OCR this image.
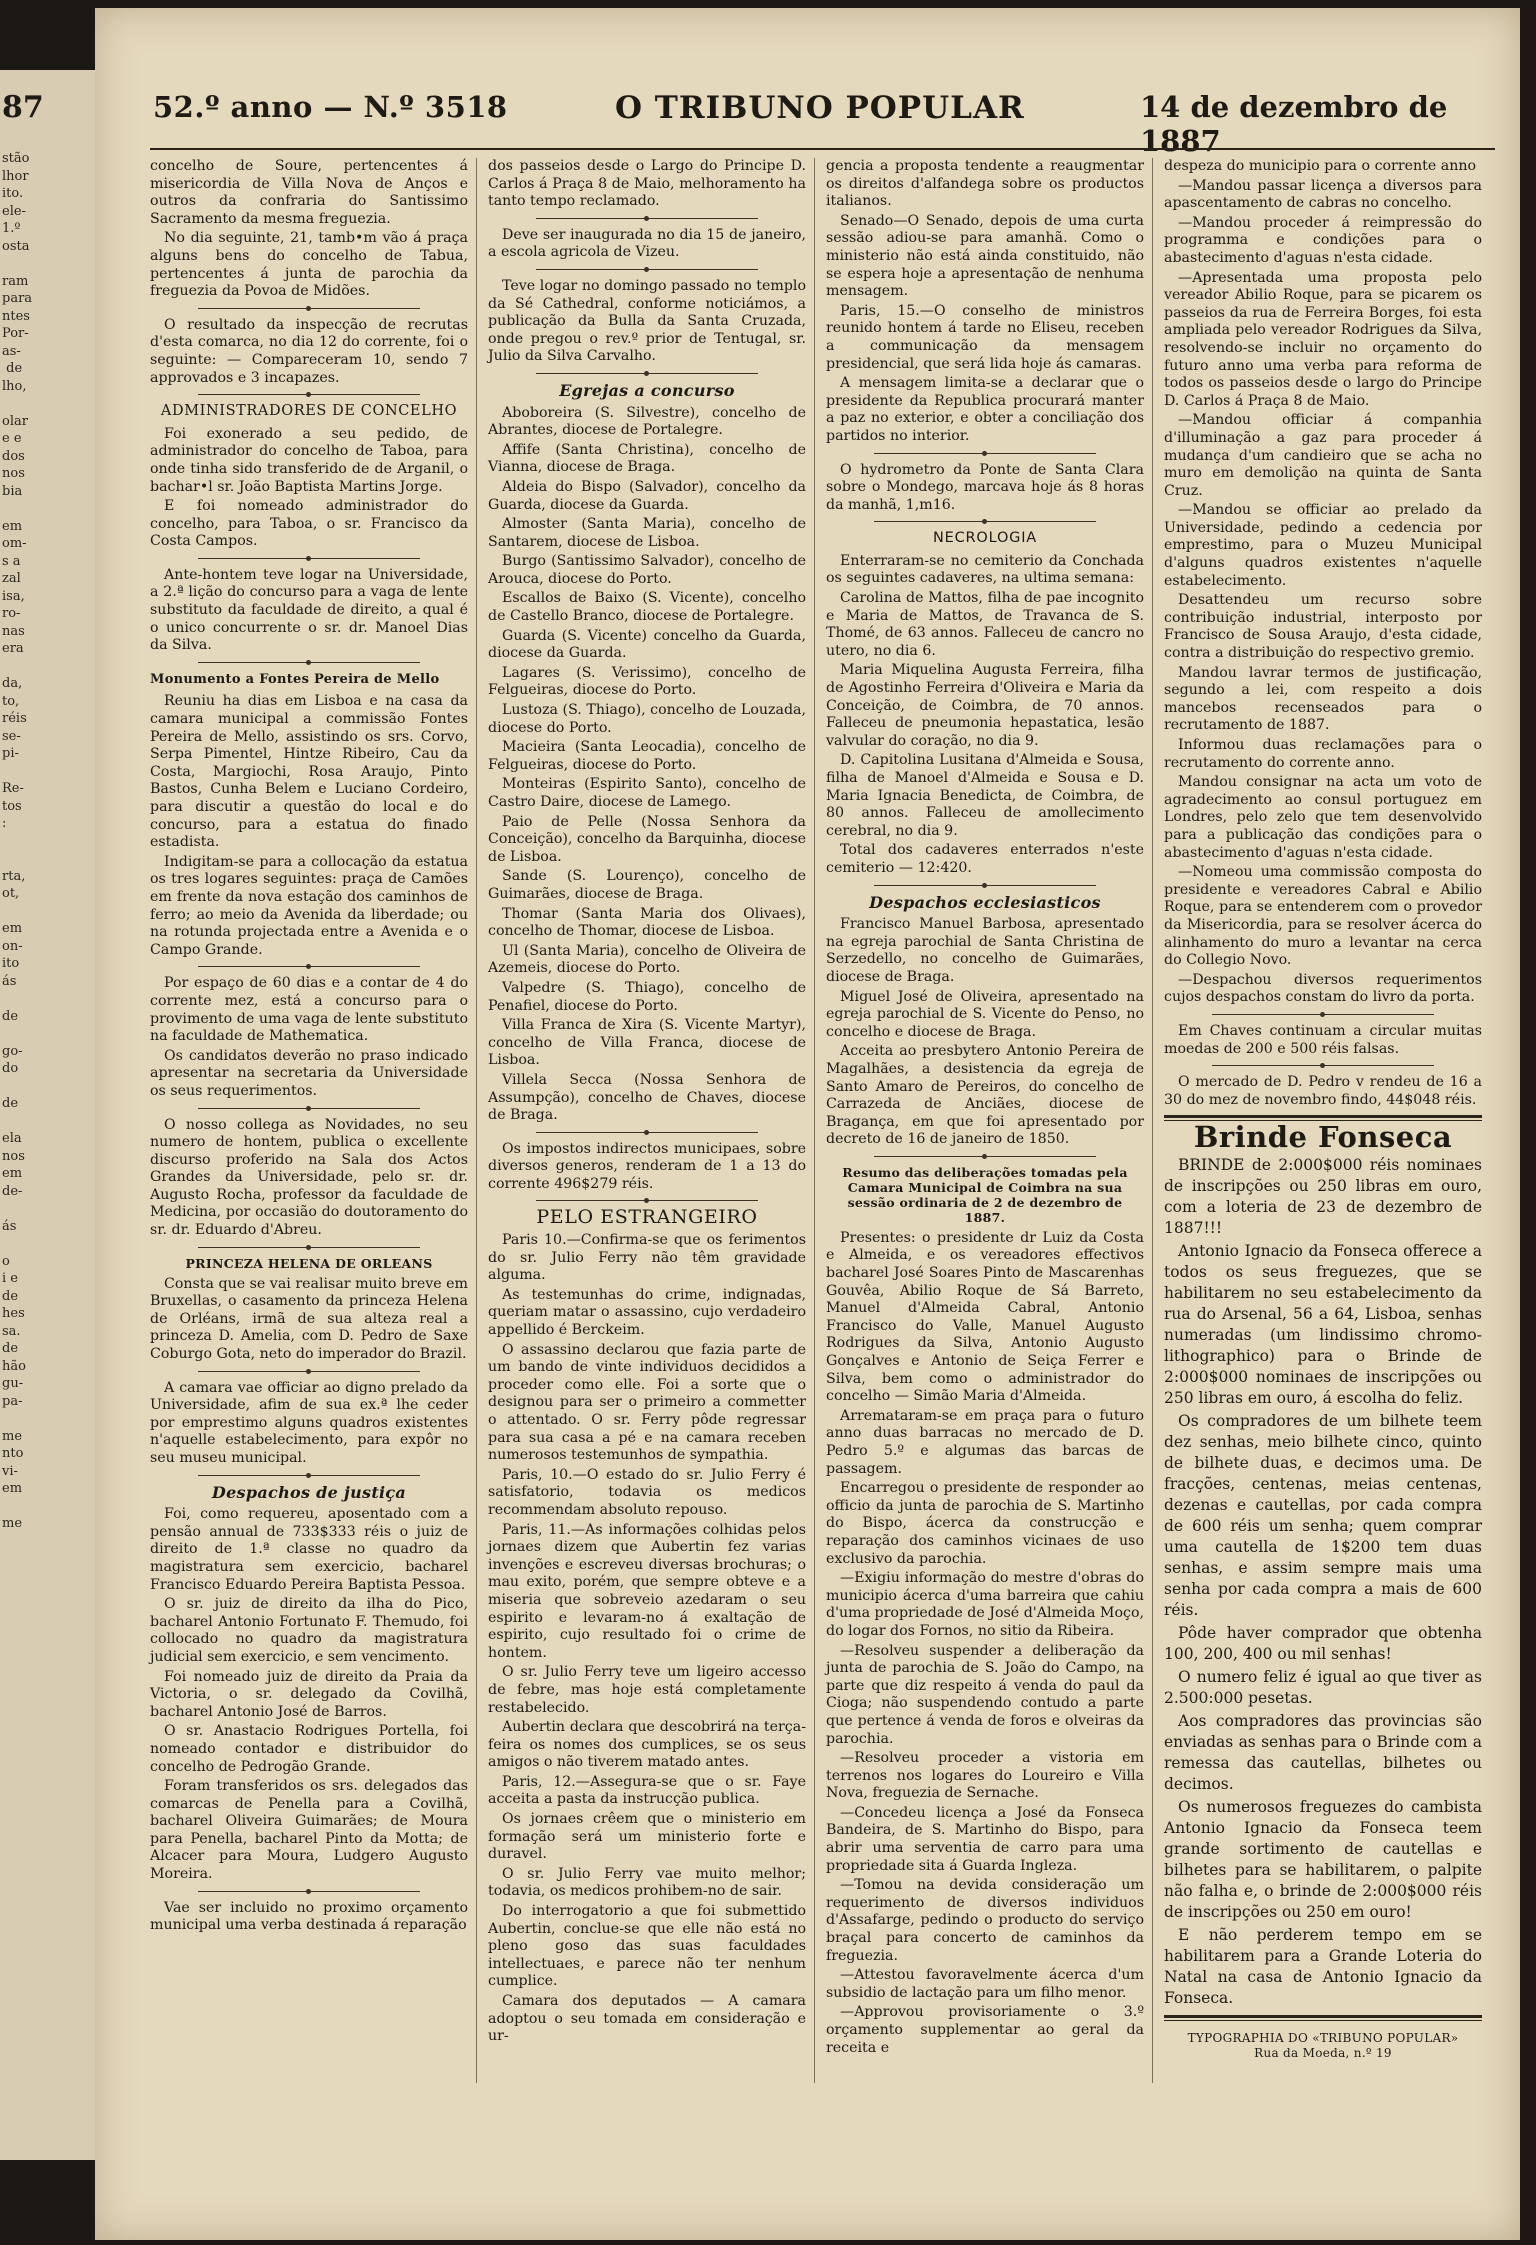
87
stão
lhor
ito.
ele-
1.º
osta

ram
para
ntes
Por-
as-
de
lho,

olar
e e
dos
nos
bia

em
om-
s a
zal
isa,
ro-
nas
era

da,
to,
réis
se-
pi-

Re-
tos
:

rta,
ot,

em
on-
ito
ás

de

go-
do

de

ela
nos
em
de-

ás

o
і e
de
hes
sa.
de
hão
gu-
pa-

me
nto
vi-
em

me
52.º anno — N.º 3518	O TRIBUNO POPULAR	14 de dezembro de 1887

concelho de Soure, pertencentes á misericordia de Villa Nova de Anços e outros da confraria do Santissimo Sacramento da mesma freguezia.

No dia seguinte, 21, tamb•m vão á praça alguns bens do concelho de Tabua, pertencentes á junta de parochia da freguezia da Povoa de Midões.

O resultado da inspecção de recrutas d'esta comarca, no dia 12 do corrente, foi o seguinte: — Compareceram 10, sendo 7 approvados e 3 incapazes.

ADMINISTRADORES DE CONCELHO

Foi exonerado a seu pedido, de administrador do concelho de Taboa, para onde tinha sido transferido de de Arganil, o bachar•l sr. João Baptista Martins Jorge.

E foi nomeado administrador do concelho, para Taboa, o sr. Francisco da Costa Campos.

Ante-hontem teve logar na Universidade, a 2.ª lição do concurso para a vaga de lente substituto da faculdade de direito, a qual é o unico concurrente o sr. dr. Manoel Dias da Silva.

Monumento a Fontes Pereira de Mello

Reuniu ha dias em Lisboa e na casa da camara municipal a commissão Fontes Pereira de Mello, assistindo os srs. Corvo, Serpa Pimentel, Hintze Ribeiro, Cau da Costa, Margiochi, Rosa Araujo, Pinto Bastos, Cunha Belem e Luciano Cordeiro, para discutir a questão do local e do concurso, para a estatua do finado estadista.

Indigitam-se para a collocação da estatua os tres logares seguintes: praça de Camões em frente da nova estação dos caminhos de ferro; ao meio da Avenida da liberdade; ou na rotunda projectada entre a Avenida e o Campo Grande.

Por espaço de 60 dias e a contar de 4 do corrente mez, está a concurso para o provimento de uma vaga de lente substituto na faculdade de Mathematica.

Os candidatos deverão no praso indicado apresentar na secretaria da Universidade os seus requerimentos.

O nosso collega as Novidades, no seu numero de hontem, publica o excellente discurso proferido na Sala dos Actos Grandes da Universidade, pelo sr. dr. Augusto Rocha, professor da faculdade de Medicina, por occasião do doutoramento do sr. dr. Eduardo d'Abreu.

PRINCEZA HELENA DE ORLEANS

Consta que se vai realisar muito breve em Bruxellas, o casamento da princeza Helena de Orléans, irmã de sua alteza real a princeza D. Amelia, com D. Pedro de Saxe Coburgo Gota, neto do imperador do Brazil.

A camara vae officiar ao digno prelado da Universidade, afim de sua ex.ª lhe ceder por emprestimo alguns quadros existentes n'aquelle estabelecimento, para expôr no seu museu municipal.

Despachos de justiça

Foi, como requereu, aposentado com a pensão annual de 733$333 réis o juiz de direito de 1.ª classe no quadro da magistratura sem exercicio, bacharel Francisco Eduardo Pereira Baptista Pessoa.

O sr. juiz de direito da ilha do Pico, bacharel Antonio Fortunato F. Themudo, foi collocado no quadro da magistratura judicial sem exercicio, e sem vencimento.

Foi nomeado juiz de direito da Praia da Victoria, o sr. delegado da Covilhã, bacharel Antonio José de Barros.

O sr. Anastacio Rodrigues Portella, foi nomeado contador e distribuidor do concelho de Pedrogão Grande.

Foram transferidos os srs. delegados das comarcas de Penella para a Covilhã, bacharel Oliveira Guimarães; de Moura para Penella, bacharel Pinto da Motta; de Alcacer para Moura, Ludgero Augusto Moreira.

Vae ser incluido no proximo orçamento municipal uma verba destinada á reparação

dos passeios desde o Largo do Principe D. Carlos á Praça 8 de Maio, melhoramento ha tanto tempo reclamado.

Deve ser inaugurada no dia 15 de janeiro, a escola agricola de Vizeu.

Teve logar no domingo passado no templo da Sé Cathedral, conforme noticiámos, a publicação da Bulla da Santa Cruzada, onde pregou o rev.º prior de Tentugal, sr. Julio da Silva Carvalho.

Egrejas a concurso

Aboboreira (S. Silvestre), concelho de Abrantes, diocese de Portalegre.

Affife (Santa Christina), concelho de Vianna, diocese de Braga.

Aldeia do Bispo (Salvador), concelho da Guarda, diocese da Guarda.

Almoster (Santa Maria), concelho de Santarem, diocese de Lisboa.

Burgo (Santissimo Salvador), concelho de Arouca, diocese do Porto.

Escallos de Baixo (S. Vicente), concelho de Castello Branco, diocese de Portalegre.

Guarda (S. Vicente) concelho da Guarda, diocese da Guarda.

Lagares (S. Verissimo), concelho de Felgueiras, diocese do Porto.

Lustoza (S. Thiago), concelho de Louzada, diocese do Porto.

Macieira (Santa Leocadia), concelho de Felgueiras, diocese do Porto.

Monteiras (Espirito Santo), concelho de Castro Daire, diocese de Lamego.

Paio de Pelle (Nossa Senhora da Conceição), concelho da Barquinha, diocese de Lisboa.

Sande (S. Lourenço), concelho de Guimarães, diocese de Braga.

Thomar (Santa Maria dos Olivaes), concelho de Thomar, diocese de Lisboa.

Ul (Santa Maria), concelho de Oliveira de Azemeis, diocese do Porto.

Valpedre (S. Thiago), concelho de Penafiel, diocese do Porto.

Villa Franca de Xira (S. Vicente Martyr), concelho de Villa Franca, diocese de Lisboa.

Villela Secca (Nossa Senhora de Assumpção), concelho de Chaves, diocese de Braga.

Os impostos indirectos municipaes, sobre diversos generos, renderam de 1 a 13 do corrente 496$279 réis.

PELO ESTRANGEIRO

Paris 10.—Confirma-se que os ferimentos do sr. Julio Ferry não têm gravidade alguma.

As testemunhas do crime, indignadas, queriam matar o assassino, cujo verdadeiro appellido é Berckeim.

O assassino declarou que fazia parte de um bando de vinte individuos decididos a proceder como elle. Foi a sorte que o designou para ser o primeiro a commetter o attentado. O sr. Ferry pôde regressar para sua casa a pé e na camara receben numerosos testemunhos de sympathia.

Paris, 10.—O estado do sr. Julio Ferry é satisfatorio, todavia os medicos recommendam absoluto repouso.

Paris, 11.—As informações colhidas pelos jornaes dizem que Aubertin fez varias invenções e escreveu diversas brochuras; o mau exito, porém, que sempre obteve e a miseria que sobreveio azedaram o seu espirito e levaram-no á exaltação de espirito, cujo resultado foi o crime de hontem.

O sr. Julio Ferry teve um ligeiro accesso de febre, mas hoje está completamente restabelecido.

Aubertin declara que descobrirá na terça-feira os nomes dos cumplices, se os seus amigos o não tiverem matado antes.

Paris, 12.—Assegura-se que o sr. Faye acceita a pasta da instrucção publica.

Os jornaes crêem que o ministerio em formação será um ministerio forte e duravel.

O sr. Julio Ferry vae muito melhor; todavia, os medicos prohibem-no de sair.

Do interrogatorio a que foi submettido Aubertin, conclue-se que elle não está no pleno goso das suas faculdades intellectuaes, e parece não ter nenhum cumplice.

Camara dos deputados — A camara adoptou o seu tomada em consideração e ur-

gencia a proposta tendente a reaugmentar os direitos d'alfandega sobre os productos italianos.

Senado—O Senado, depois de uma curta sessão adiou-se para amanhã. Como o ministerio não está ainda constituido, não se espera hoje a apresentação de nenhuma mensagem.

Paris, 15.—O conselho de ministros reunido hontem á tarde no Eliseu, receben a communicação da mensagem presidencial, que será lida hoje ás camaras.

A mensagem limita-se a declarar que o presidente da Republica procurará manter a paz no exterior, e obter a conciliação dos partidos no interior.

O hydrometro da Ponte de Santa Clara sobre o Mondego, marcava hoje ás 8 horas da manhã, 1,m16.

NECROLOGIA

Enterraram-se no cemiterio da Conchada os seguintes cadaveres, na ultima semana:

Carolina de Mattos, filha de pae incognito e Maria de Mattos, de Travanca de S. Thomé, de 63 annos. Falleceu de cancro no utero, no dia 6.

Maria Miquelina Augusta Ferreira, filha de Agostinho Ferreira d'Oliveira e Maria da Conceição, de Coimbra, de 70 annos. Falleceu de pneumonia hepastatica, lesão valvular do coração, no dia 9.

D. Capitolina Lusitana d'Almeida e Sousa, filha de Manoel d'Almeida e Sousa e D. Maria Ignacia Benedicta, de Coimbra, de 80 annos. Falleceu de amollecimento cerebral, no dia 9.

Total dos cadaveres enterrados n'este cemiterio — 12:420.

Despachos ecclesiasticos

Francisco Manuel Barbosa, apresentado na egreja parochial de Santa Christina de Serzedello, no concelho de Guimarães, diocese de Braga.

Miguel José de Oliveira, apresentado na egreja parochial de S. Vicente do Penso, no concelho e diocese de Braga.

Acceita ao presbytero Antonio Pereira de Magalhães, a desistencia da egreja de Santo Amaro de Pereiros, do concelho de Carrazeda de Anciães, diocese de Bragança, em que foi apresentado por decreto de 16 de janeiro de 1850.

Resumo das deliberações tomadas pela Camara Municipal de Coimbra na sua sessão ordinaria de 2 de dezembro de 1887.

Presentes: o presidente dr Luiz da Costa e Almeida, e os vereadores effectivos bacharel José Soares Pinto de Mascarenhas Gouvêa, Abilio Roque de Sá Barreto, Manuel d'Almeida Cabral, Antonio Francisco do Valle, Manuel Augusto Rodrigues da Silva, Antonio Augusto Gonçalves e Antonio de Seiça Ferrer e Silva, bem como o administrador do concelho — Simão Maria d'Almeida.

Arremataram-se em praça para o futuro anno duas barracas no mercado de D. Pedro 5.º e algumas das barcas de passagem.

Encarregou o presidente de responder ao officio da junta de parochia de S. Martinho do Bispo, ácerca da construcção e reparação dos caminhos vicinaes de uso exclusivo da parochia.

—Exigiu informação do mestre d'obras do municipio ácerca d'uma barreira que cahiu d'uma propriedade de José d'Almeida Moço, do logar dos Fornos, no sitio da Ribeira.

—Resolveu suspender a deliberação da junta de parochia de S. João do Campo, na parte que diz respeito á venda do paul da Cioga; não suspendendo contudo a parte que pertence á venda de foros e olveiras da parochia.

—Resolveu proceder a vistoria em terrenos nos logares do Loureiro e Villa Nova, freguezia de Sernache.

—Concedeu licença a José da Fonseca Bandeira, de S. Martinho do Bispo, para abrir uma serventia de carro para uma propriedade sita á Guarda Ingleza.

—Tomou na devida consideração um requerimento de diversos individuos d'Assafarge, pedindo o producto do serviço braçal para concerto de caminhos da freguezia.

—Attestou favoravelmente ácerca d'um subsidio de lactação para um filho menor.

—Approvou provisoriamente o 3.º orçamento supplementar ao geral da receita e

despeza do municipio para o corrente anno

—Mandou passar licença a diversos para apascentamento de cabras no concelho.

—Mandou proceder á reimpressão do programma e condições para o abastecimento d'aguas n'esta cidade.

—Apresentada uma proposta pelo vereador Abilio Roque, para se picarem os passeios da rua de Ferreira Borges, foi esta ampliada pelo vereador Rodrigues da Silva, resolvendo-se incluir no orçamento do futuro anno uma verba para reforma de todos os passeios desde o largo do Principe D. Carlos á Praça 8 de Maio.

—Mandou officiar á companhia d'illuminação a gaz para proceder á mudança d'um candieiro que se acha no muro em demolição na quinta de Santa Cruz.

—Mandou se officiar ao prelado da Universidade, pedindo a cedencia por emprestimo, para o Muzeu Municipal d'alguns quadros existentes n'aquelle estabelecimento.

Desattendeu um recurso sobre contribuição industrial, interposto por Francisco de Sousa Araujo, d'esta cidade, contra a distribuição do respectivo gremio.

Mandou lavrar termos de justificação, segundo a lei, com respeito a dois mancebos recenseados para o recrutamento de 1887.

Informou duas reclamações para o recrutamento do corrente anno.

Mandou consignar na acta um voto de agradecimento ao consul portuguez em Londres, pelo zelo que tem desenvolvido para a publicação das condições para o abastecimento d'aguas n'esta cidade.

—Nomeou uma commissão composta do presidente e vereadores Cabral e Abilio Roque, para se entenderem com o provedor da Misericordia, para se resolver ácerca do alinhamento do muro a levantar na cerca do Collegio Novo.

—Despachou diversos requerimentos cujos despachos constam do livro da porta.

Em Chaves continuam a circular muitas moedas de 200 e 500 réis falsas.

O mercado de D. Pedro v rendeu de 16 a 30 do mez de novembro findo, 44$048 réis.

Brinde Fonseca

BRINDE de 2:000$000 réis nominaes de inscripções ou 250 libras em ouro, com a loteria de 23 de dezembro de 1887!!!

Antonio Ignacio da Fonseca offerece a todos os seus freguezes, que se habilitarem no seu estabelecimento da rua do Arsenal, 56 a 64, Lisboa, senhas numeradas (um lindissimo chromo-lithographico) para o Brinde de 2:000$000 nominaes de inscripções ou 250 libras em ouro, á escolha do feliz.

Os compradores de um bilhete teem dez senhas, meio bilhete cinco, quinto de bilhete duas, e decimos uma. De fracções, centenas, meias centenas, dezenas e cautellas, por cada compra de 600 réis um senha; quem comprar uma cautella de 1$200 tem duas senhas, e assim sempre mais uma senha por cada compra a mais de 600 réis.

Pôde haver comprador que obtenha 100, 200, 400 ou mil senhas!

O numero feliz é igual ao que tiver as 2.500:000 pesetas.

Aos compradores das provincias são enviadas as senhas para o Brinde com a remessa das cautellas, bilhetes ou decimos.

Os numerosos freguezes do cambista Antonio Ignacio da Fonseca teem grande sortimento de cautellas e bilhetes para se habilitarem, o palpite não falha e, o brinde de 2:000$000 réis de inscripções ou 250 em ouro!

E não perderem tempo em se habilitarem para a Grande Loteria do Natal na casa de Antonio Ignacio da Fonseca.

TYPOGRAPHIA DO «TRIBUNO POPULAR»
Rua da Moeda, n.º 19
